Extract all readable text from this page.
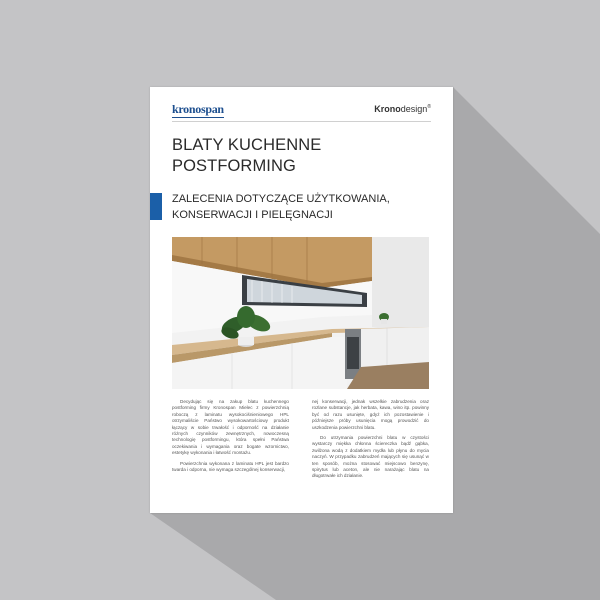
kronospan	Kronodesign®
BLATY KUCHENNE
POSTFORMING
ZALECENIA DOTYCZĄCE UŻYTKOWANIA,
KONSERWACJI I PIELĘGNACJI

Decydując się na zakup blatu kuchennego postforming firmy Kronospan Mielec z powierzchnią roboczą z laminatu wysokociśnieniowego HPL otrzymaliście Państwo wysokowartościowy produkt łączący w sobie trwałość i odporność na działanie różnych czynników zewnętrznych, nowoczesną technologię postformingu, która spełni Państwa oczekiwania i wymagania oraz bogate wzornictwo, estetykę wykonania i łatwość montażu.

Powierzchnia wykonana z laminatu HPL jest bardzo twarda i odporna, nie wymaga szczególnej konserwacji,

nej konserwacji, jednak wszelkie zabrudzenia oraz rozlane substancje, jak herbata, kawa, wino itp. powinny być od razu usunięte, gdyż ich pozostawienie i późniejsze próby usunięcia mogą prowodzić do uszkodzenia powierzchni blatu.

Do utrzymania powierzchni blatu w czystości wystarczy miękka chłonna ściereczka bądź gąbka, zwilżona wodą z dodatkiem mydła lub płynu do mycia naczyń. W przypadku zabrudzeń mających się usunąć w ten sposób, można stosować miejscowo benzynę, spirytus lub aceton, ale nie narażając blatu na długotrwałe ich działanie.
